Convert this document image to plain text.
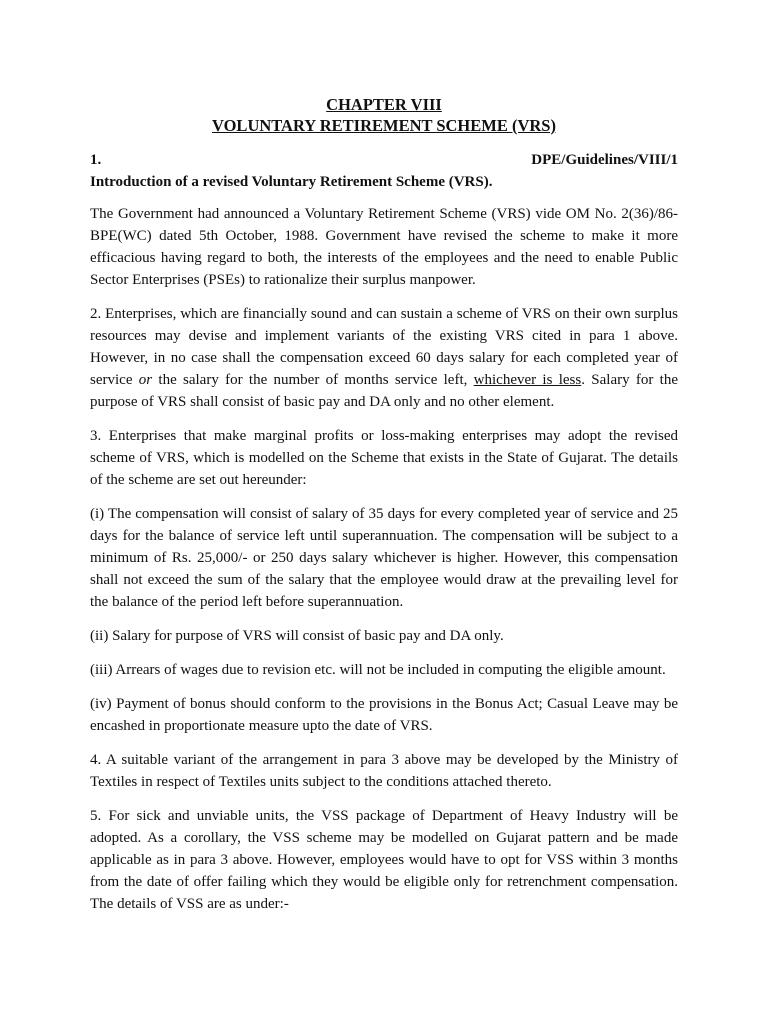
CHAPTER VIII
VOLUNTARY RETIREMENT SCHEME (VRS)
1.	DPE/Guidelines/VIII/1
Introduction of a revised Voluntary Retirement Scheme (VRS).

The Government had announced a Voluntary Retirement Scheme (VRS) vide OM No. 2(36)/86-BPE(WC) dated 5th October, 1988. Government have revised the scheme to make it more efficacious having regard to both, the interests of the employees and the need to enable Public Sector Enterprises (PSEs) to rationalize their surplus manpower.

2. Enterprises, which are financially sound and can sustain a scheme of VRS on their own surplus resources may devise and implement variants of the existing VRS cited in para 1 above. However, in no case shall the compensation exceed 60 days salary for each completed year of service or the salary for the number of months service left, whichever is less. Salary for the purpose of VRS shall consist of basic pay and DA only and no other element.

3. Enterprises that make marginal profits or loss-making enterprises may adopt the revised scheme of VRS, which is modelled on the Scheme that exists in the State of Gujarat. The details of the scheme are set out hereunder:

(i) The compensation will consist of salary of 35 days for every completed year of service and 25 days for the balance of service left until superannuation. The compensation will be subject to a minimum of Rs. 25,000/- or 250 days salary whichever is higher. However, this compensation shall not exceed the sum of the salary that the employee would draw at the prevailing level for the balance of the period left before superannuation.

(ii) Salary for purpose of VRS will consist of basic pay and DA only.

(iii) Arrears of wages due to revision etc. will not be included in computing the eligible amount.

(iv) Payment of bonus should conform to the provisions in the Bonus Act; Casual Leave may be encashed in proportionate measure upto the date of VRS.

4. A suitable variant of the arrangement in para 3 above may be developed by the Ministry of Textiles in respect of Textiles units subject to the conditions attached thereto.

5. For sick and unviable units, the VSS package of Department of Heavy Industry will be adopted. As a corollary, the VSS scheme may be modelled on Gujarat pattern and be made applicable as in para 3 above. However, employees would have to opt for VSS within 3 months from the date of offer failing which they would be eligible only for retrenchment compensation. The details of VSS are as under:-
